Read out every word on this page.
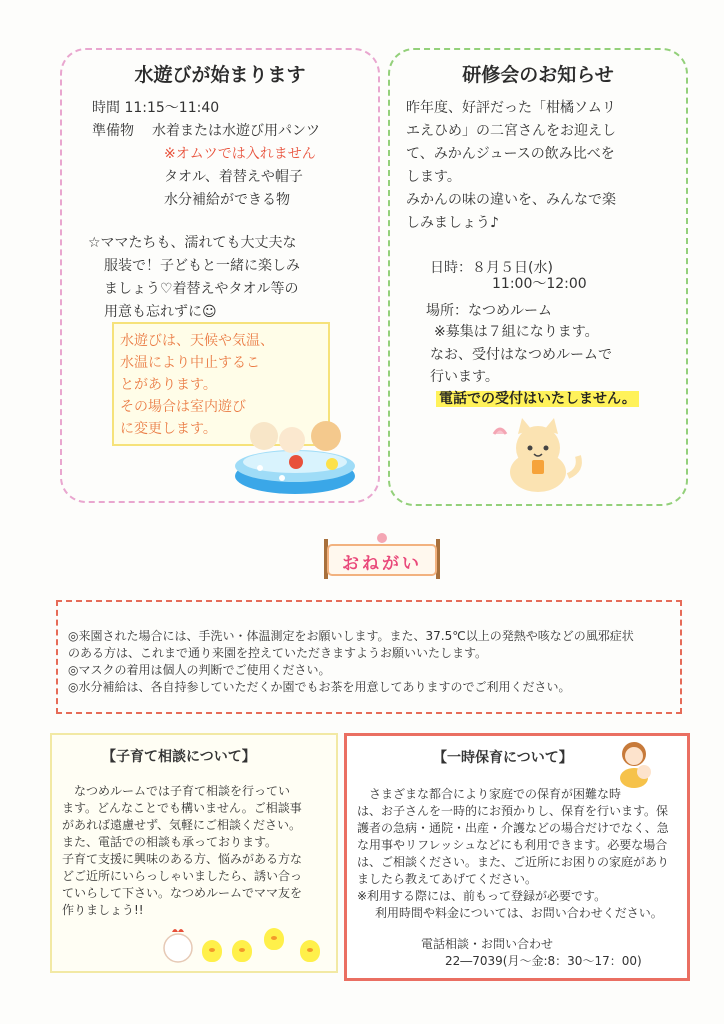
水遊びが始まります
時間 11:15～11:40
準備物 水着または水遊び用パンツ
※オムツでは入れません
タオル、着替えや帽子
水分補給ができる物
☆ママたちも、濡れても大丈夫な
服装で！子どもと一緒に楽しみ
ましょう♡着替えやタオル等の
用意も忘れずに☺
水遊びは、天候や気温、
水温により中止するこ
とがあります。
その場合は室内遊び
に変更します。
研修会のお知らせ
昨年度、好評だった「柑橘ソムリ
エえひめ」の二宮さんをお迎えし
て、みかんジュースの飲み比べを
します。
みかんの味の違いを、みんなで楽
しみましょう♪
日時：８月５日(水)
11:00～12:00
場所：なつめルーム
※募集は７組になります。
なお、受付はなつめルームで
行います。
電話での受付はいたしません。
おねがい
◎来園された場合には、手洗い・体温測定をお願いします。また、37.5℃以上の発熱や咳などの風邪症状
のある方は、これまで通り来園を控えていただきますようお願いいたします。
◎マスクの着用は個人の判断でご使用ください。
◎水分補給は、各自持参していただくか園でもお茶を用意してありますのでご利用ください。
【子育て相談について】
なつめルームでは子育て相談を行ってい
ます。どんなことでも構いません。ご相談事
があれば遠慮せず、気軽にご相談ください。
また、電話での相談も承っております。
子育て支援に興味のある方、悩みがある方な
どご近所にいらっしゃいましたら、誘い合っ
ていらして下さい。なつめルームでママ友を
作りましょう!!
【一時保育について】
さまざまな都合により家庭での保育が困難な時
は、お子さんを一時的にお預かりし、保育を行います。保
護者の急病・通院・出産・介護などの場合だけでなく、急
な用事やリフレッシュなどにも利用できます。必要な場合
は、ご相談ください。また、ご近所にお困りの家庭があり
ましたら教えてあげてください。
※利用する際には、前もって登録が必要です。
利用時間や料金については、お問い合わせください。
電話相談・お問い合わせ
22―7039(月～金:8：30～17：00)
